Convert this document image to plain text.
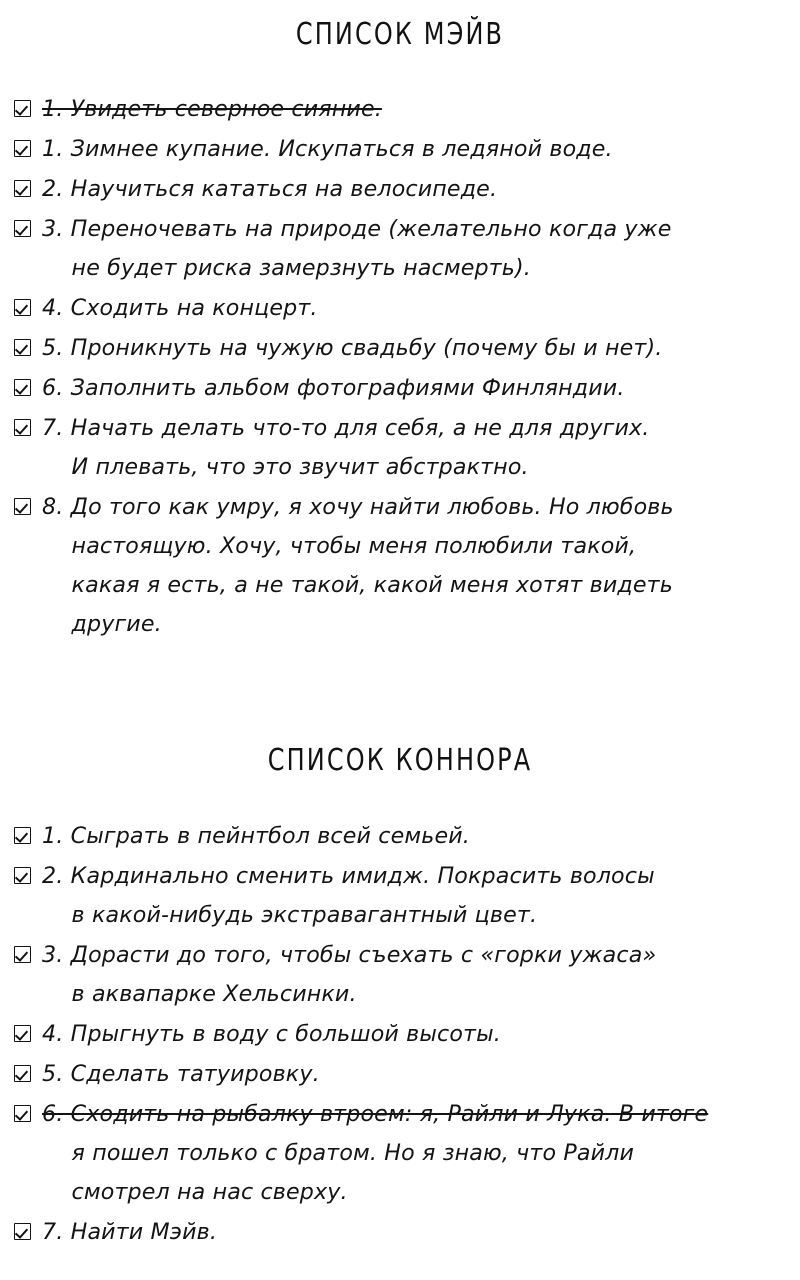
СПИСОК МЭЙВ
1. Увидеть северное сияние.
1. Зимнее купание. Искупаться в ледяной воде.
2. Научиться кататься на велосипеде.
3. Переночевать на природе (желательно когда уже
не будет риска замерзнуть насмерть).
4. Сходить на концерт.
5. Проникнуть на чужую свадьбу (почему бы и нет).
6. Заполнить альбом фотографиями Финляндии.
7. Начать делать что-то для себя, а не для других.
И плевать, что это звучит абстрактно.
8. До того как умру, я хочу найти любовь. Но любовь
настоящую. Хочу, чтобы меня полюбили такой,
какая я есть, а не такой, какой меня хотят видеть
другие.
СПИСОК КОННОРА
1. Сыграть в пейнтбол всей семьей.
2. Кардинально сменить имидж. Покрасить волосы
в какой-нибудь экстравагантный цвет.
3. Дорасти до того, чтобы съехать с «горки ужаса»
в аквапарке Хельсинки.
4. Прыгнуть в воду с большой высоты.
5. Сделать татуировку.
6. Сходить на рыбалку втроем: я, Райли и Лука. В итоге
я пошел только с братом. Но я знаю, что Райли
смотрел на нас сверху.
7. Найти Мэйв.
